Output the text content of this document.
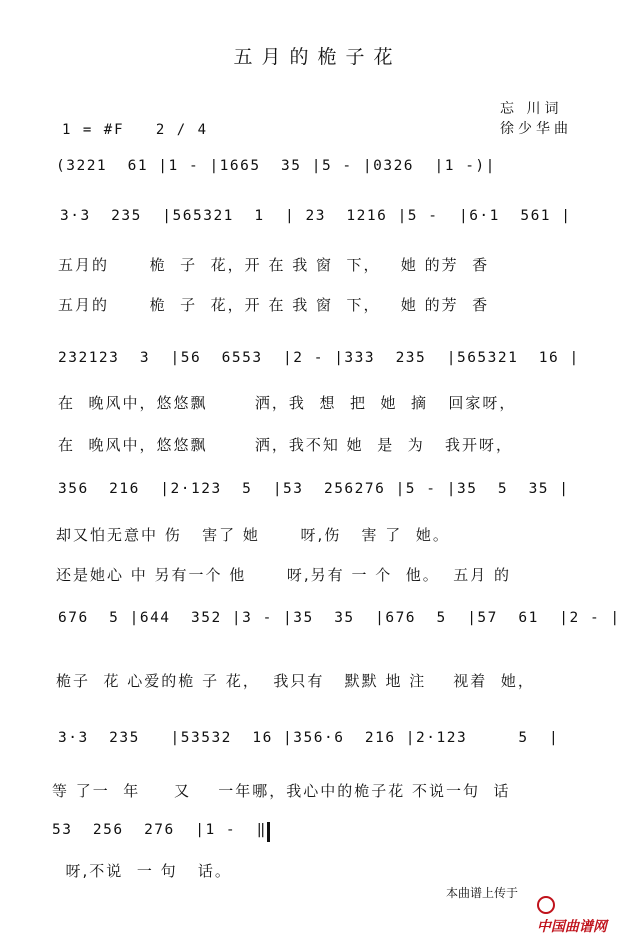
五月的桅子花
忘 川词
徐少华曲
1 = #F   2 / 4
(3221  61 |1 - |1665  35 |5 - |0326  |1 -)|
3·3  235  |565321  1  | 23  1216 |5 -  |6·1  561 |
五月的      桅  子  花，开 在 我 窗  下，   她 的芳  香
五月的      桅  子  花，开 在 我 窗  下，   她 的芳  香
232123  3  |56  6553  |2 - |333  235  |565321  16 |
在  晚风中，悠悠飘       洒，我  想  把  她  摘   回家呀，
在  晚风中，悠悠飘       洒，我不知 她  是  为   我开呀，
356  216  |2·123  5  |53  256276 |5 - |35  5  35 |
却又怕无意中 伤   害了 她      呀,伤   害 了  她。
还是她心 中 另有一个 他      呀,另有 一 个  他。  五月 的
676  5 |644  352 |3 - |35  35  |676  5  |57  61  |2 - |
桅子  花 心爱的桅 子 花，  我只有   默默 地 注    视着  她，
3·3  235   |53532  16 |356·6  216 |2·123     5  |
等 了一  年     又    一年哪，我心中的桅子花 不说一句  话
53  256  276  |1 -  ‖
呀,不说  一 句   话。
本曲谱上传于

中国曲谱网
